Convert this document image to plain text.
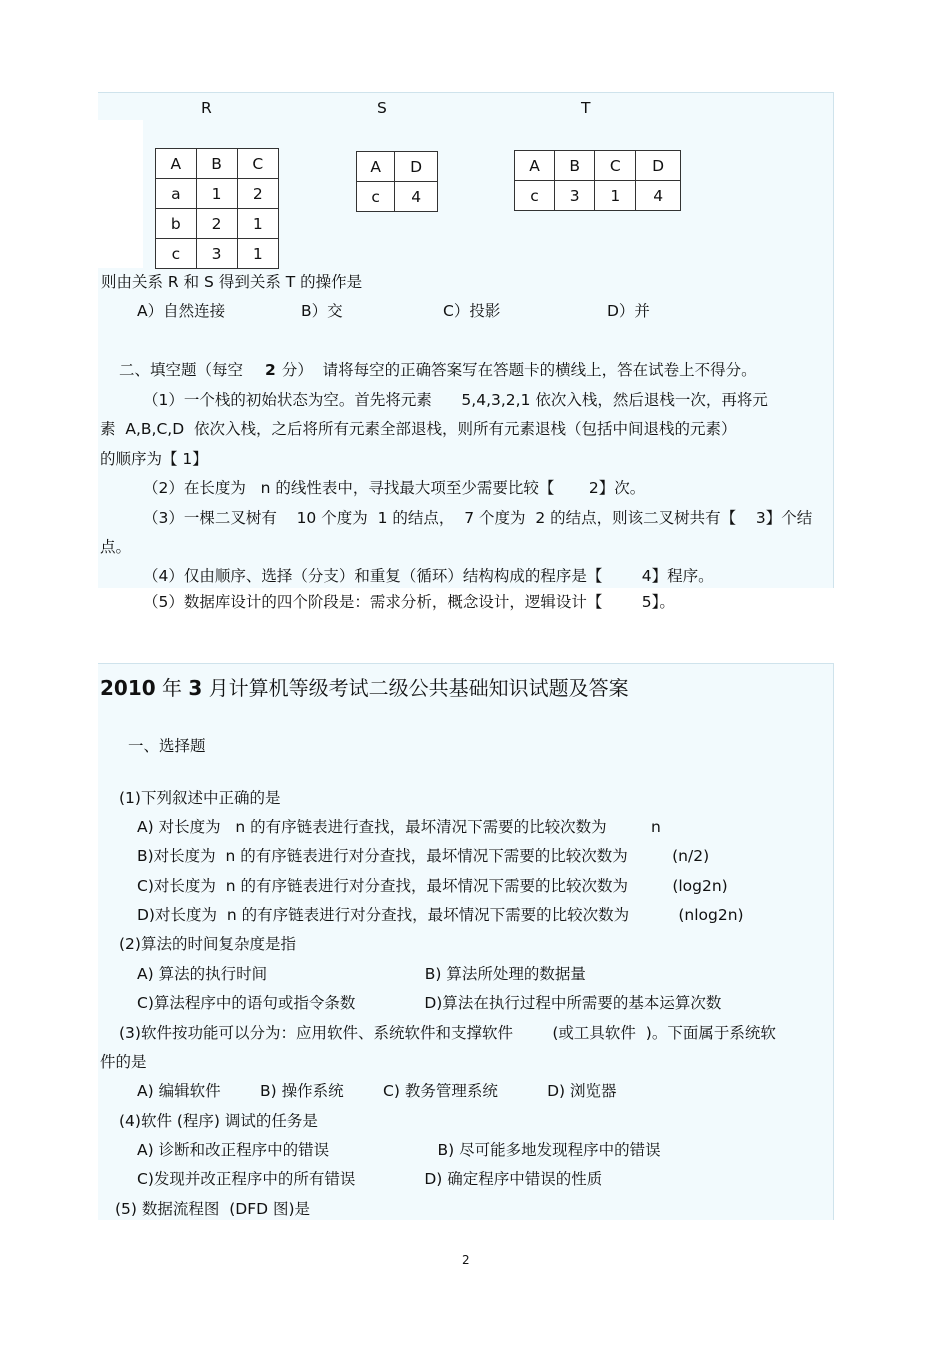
R	S	T
A	B	C
a	1	2
b	2	1
c	3	1
A	D
c	4
A	B	C	D
c	3	1	4
则由关系 R 和 S 得到关系 T 的操作是
A）自然连接	B）交	C）投影	D）并
二、填空题（每空 2 分）  请将每空的正确答案写在答题卡的横线上，答在试卷上不得分。
（1）一个栈的初始状态为空。首先将元素      5,4,3,2,1 依次入栈，然后退栈一次，再将元
素  A,B,C,D  依次入栈，之后将所有元素全部退栈，则所有元素退栈（包括中间退栈的元素）
的顺序为【 1】
（2）在长度为   n 的线性表中，寻找最大项至少需要比较【       2】次。
（3）一棵二叉树有    10 个度为  1 的结点，  7 个度为  2 的结点，则该二叉树共有【    3】个结
点。
（4）仅由顺序、选择（分支）和重复（循环）结构构成的程序是【        4】程序。
（5）数据库设计的四个阶段是：需求分析，概念设计，逻辑设计【        5】。
2010 年 3 月计算机等级考试二级公共基础知识试题及答案
一、选择题
(1)下列叙述中正确的是
A) 对长度为   n 的有序链表进行查找，最坏清况下需要的比较次数为         n
B)对长度为  n 的有序链表进行对分查找，最坏情况下需要的比较次数为         (n/2)
C)对长度为  n 的有序链表进行对分查找，最坏情况下需要的比较次数为         (log2n)
D)对长度为  n 的有序链表进行对分查找，最坏情况下需要的比较次数为          (nlog2n)
(2)算法的时间复杂度是指
A) 算法的执行时间                                B) 算法所处理的数据量
C)算法程序中的语句或指令条数              D)算法在执行过程中所需要的基本运算次数
(3)软件按功能可以分为：应用软件、系统软件和支撑软件        (或工具软件  )。下面属于系统软
件的是
A) 编辑软件        B) 操作系统        C) 教务管理系统          D) 浏览器
(4)软件 (程序) 调试的任务是
A) 诊断和改正程序中的错误                      B) 尽可能多地发现程序中的错误
C)发现并改正程序中的所有错误              D) 确定程序中错误的性质
(5) 数据流程图  (DFD 图)是
2
